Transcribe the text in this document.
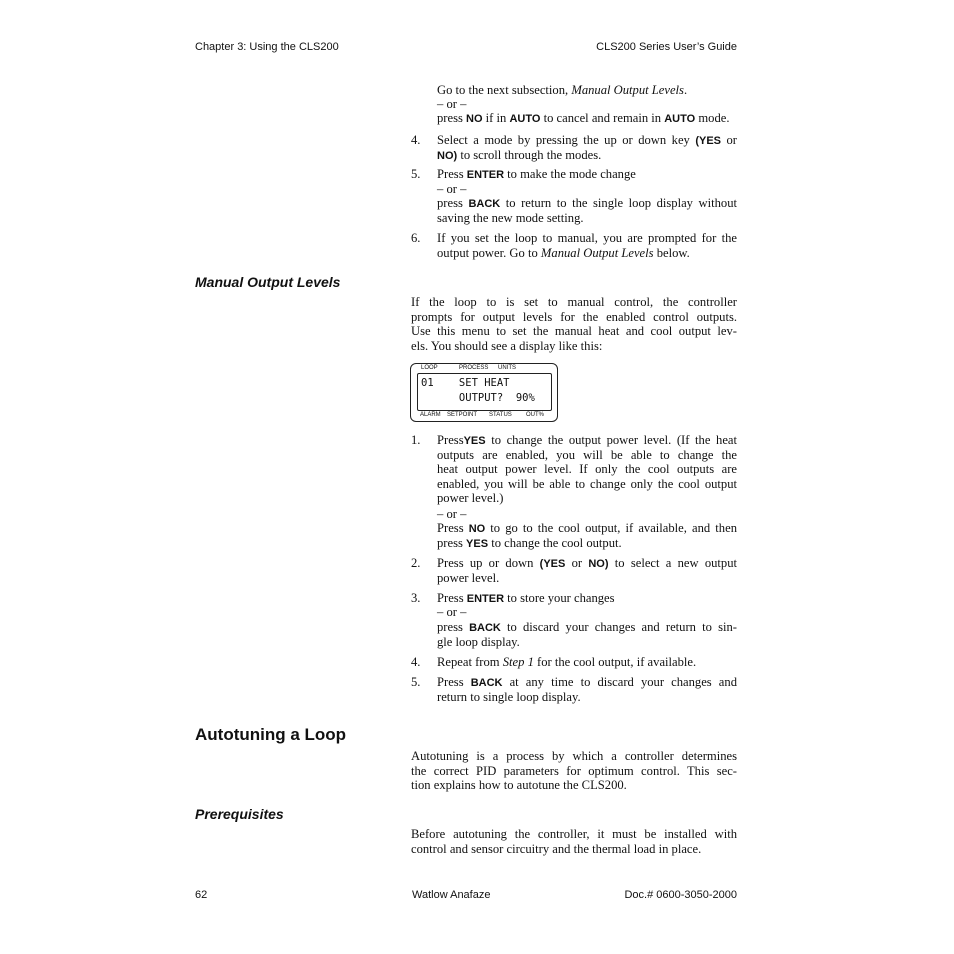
Chapter 3: Using the CLS200	CLS200 Series User’s Guide
Go to the next subsection, Manual Output Levels.
– or –
press NO if in AUTO to cancel and remain in AUTO mode.
4. Select a mode by pressing the up or down key (YES or
NO) to scroll through the modes.
5. Press ENTER to make the mode change
– or –
press BACK to return to the single loop display without
saving the new mode setting.
6. If you set the loop to manual, you are prompted for the
output power. Go to Manual Output Levels below.
Manual Output Levels
If the loop to is set to manual control, the controller
prompts for output levels for the enabled control outputs.
Use this menu to set the manual heat and cool output lev-
els. You should see a display like this:
LOOP	PROCESS UNITS
01    SET HEAT
OUTPUT?  90%
ALARM SETPOINT STATUS OUT%
1. PressYES to change the output power level. (If the heat
outputs are enabled, you will be able to change the
heat output power level. If only the cool outputs are
enabled, you will be able to change only the cool output
power level.)
– or –
Press NO to go to the cool output, if available, and then
press YES to change the cool output.
2. Press up or down (YES or NO) to select a new output
power level.
3. Press ENTER to store your changes
– or –
press BACK to discard your changes and return to sin-
gle loop display.
4. Repeat from Step 1 for the cool output, if available.
5. Press BACK at any time to discard your changes and
return to single loop display.
Autotuning a Loop
Autotuning is a process by which a controller determines
the correct PID parameters for optimum control. This sec-
tion explains how to autotune the CLS200.
Prerequisites
Before autotuning the controller, it must be installed with
control and sensor circuitry and the thermal load in place.
62	Watlow Anafaze	Doc.# 0600-3050-2000
